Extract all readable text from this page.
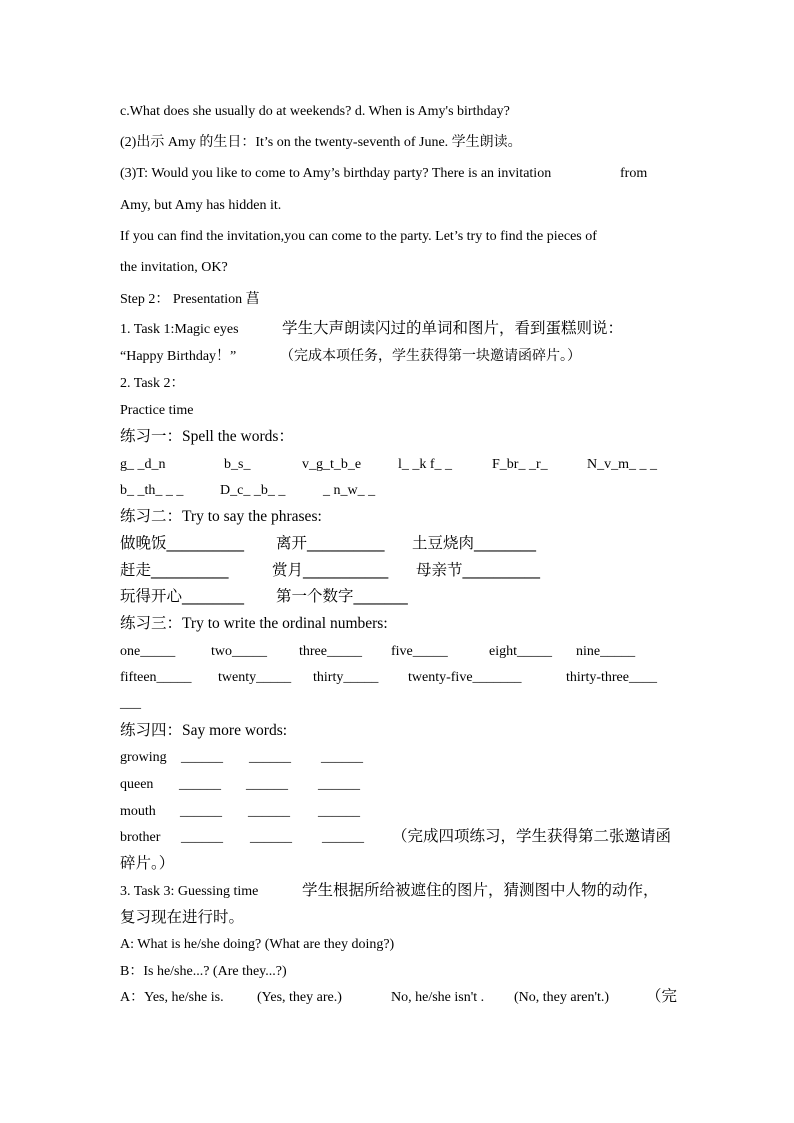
c.What does she usually do at weekends? d. When is Amy's birthday?
(2)出示 Amy 的生日：It’s on the twenty-seventh of June. 学生朗读。
(3)T: Would you like to come to Amy’s birthday party? There is an invitation	from
Amy, but Amy has hidden it.
If you can find the invitation,you can come to the party. Let’s try to find the pieces of
the invitation, OK?
Step 2： Presentation 菖
1. Task 1:Magic eyes	学生大声朗读闪过的单词和图片，看到蛋糕则说：
“Happy Birthday！”	（完成本项任务，学生获得第一块邀请函碎片。）
2. Task 2：
Practice time
练习一：Spell the words：
g_ _d_n	b_s_	v_g_t_b_e	l_ _k f_ _	F_br_ _r_	N_v_m_ _ _
b_ _th_ _ _	D_c_ _b_ _	_ n_w_ _
练习二：Try to say the phrases:
做晚饭__________ 离开__________ 土豆烧肉________
赶走__________	赏月___________ 母亲节__________
玩得开心________ 第一个数字_______
练习三：Try to write the ordinal numbers:
one_____	two_____ three_____ five_____	eight_____ nine_____
fifteen_____ twenty_____ thirty_____ twenty-five_______	thirty-three____
___
练习四：Say more words:
growing ______ ______ ______
queen ______ ______ ______
mouth ______ ______ ______
brother ______ ______ ______ （完成四项练习，学生获得第二张邀请函
碎片。）
3. Task 3: Guessing time	学生根据所给被遮住的图片，猜测图中人物的动作，
复习现在进行时。
A: What is he/she doing? (What are they doing?)
B：Is he/she...? (Are they...?)
A：Yes, he/she is. (Yes, they are.)	No, he/she isn't . (No, they aren't.) （完
